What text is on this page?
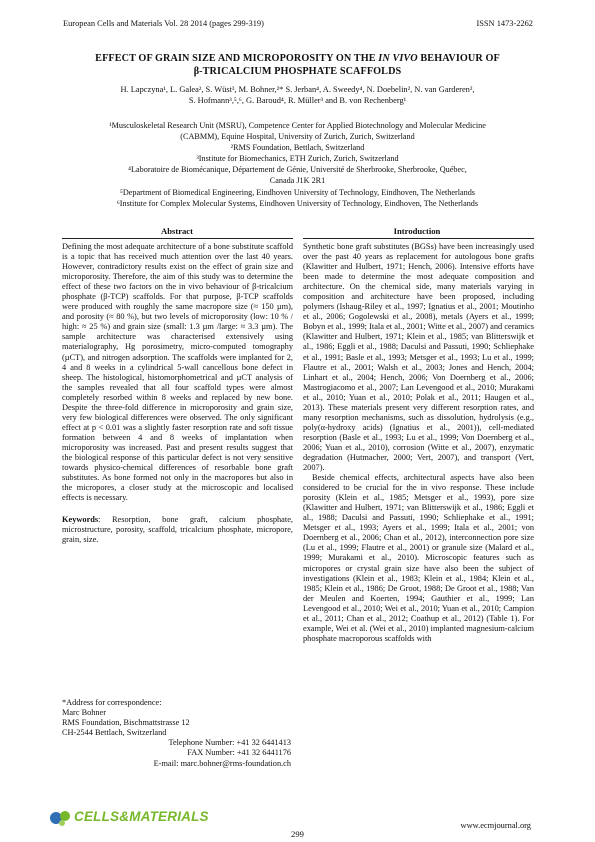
European Cells and Materials Vol. 28 2014 (pages 299-319)	ISSN 1473-2262
EFFECT OF GRAIN SIZE AND MICROPOROSITY ON THE IN VIVO BEHAVIOUR OF
β-TRICALCIUM PHOSPHATE SCAFFOLDS
H. Lapczyna¹, L. Galea², S. Wüst³, M. Bohner,²* S. Jerban⁴, A. Sweedy⁴, N. Doebelin², N. van Garderen²,
S. Hofmann³,⁵,⁶, G. Baroud⁴, R. Müller³ and B. von Rechenberg¹
¹Musculoskeletal Research Unit (MSRU), Competence Center for Applied Biotechnology and Molecular Medicine
(CABMM), Equine Hospital, University of Zurich, Zurich, Switzerland
²RMS Foundation, Bettlach, Switzerland
³Institute for Biomechanics, ETH Zurich, Zurich, Switzerland
⁴Laboratoire de Biomécanique, Département de Génie, Université de Sherbrooke, Sherbrooke, Québec,
Canada J1K 2R1
⁵Department of Biomedical Engineering, Eindhoven University of Technology, Eindhoven, The Netherlands
⁶Institute for Complex Molecular Systems, Eindhoven University of Technology, Eindhoven, The Netherlands
Abstract	Introduction

Defining the most adequate architecture of a bone substitute scaffold is a topic that has received much attention over the last 40 years. However, contradictory results exist on the effect of grain size and microporosity. Therefore, the aim of this study was to determine the effect of these two factors on the in vivo behaviour of β-tricalcium phosphate (β-TCP) scaffolds. For that purpose, β-TCP scaffolds were produced with roughly the same macropore size (≈ 150 µm), and porosity (≈ 80 %), but two levels of microporosity (low: 10 % / high: ≈ 25 %) and grain size (small: 1.3 µm /large: ≈ 3.3 µm). The sample architecture was characterised extensively using materialography, Hg porosimetry, micro-computed tomography (µCT), and nitrogen adsorption. The scaffolds were implanted for 2, 4 and 8 weeks in a cylindrical 5-wall cancellous bone defect in sheep. The histological, histomorphometrical and µCT analysis of the samples revealed that all four scaffold types were almost completely resorbed within 8 weeks and replaced by new bone. Despite the three-fold difference in microporosity and grain size, very few biological differences were observed. The only significant effect at p < 0.01 was a slightly faster resorption rate and soft tissue formation between 4 and 8 weeks of implantation when microporosity was increased. Past and present results suggest that the biological response of this particular defect is not very sensitive towards physico-chemical differences of resorbable bone graft substitutes. As bone formed not only in the macropores but also in the micropores, a closer study at the microscopic and localised effects is necessary.

Keywords: Resorption, bone graft, calcium phosphate, microstructure, porosity, scaffold, tricalcium phosphate, micropore, grain, size.

*Address for correspondence:
Marc Bohner
RMS Foundation, Bischmattstrasse 12
CH-2544 Bettlach, Switzerland
Telephone Number: +41 32 6441413
FAX Number: +41 32 6441176
E-mail: marc.bohner@rms-foundation.ch

Synthetic bone graft substitutes (BGSs) have been increasingly used over the past 40 years as replacement for autologous bone grafts (Klawitter and Hulbert, 1971; Hench, 2006). Intensive efforts have been made to determine the most adequate composition and architecture. On the chemical side, many materials varying in composition and architecture have been proposed, including polymers (Ishaug-Riley et al., 1997; Ignatius et al., 2001; Moutinho et al., 2006; Gogolewski et al., 2008), metals (Ayers et al., 1999; Bobyn et al., 1999; Itala et al., 2001; Witte et al., 2007) and ceramics (Klawitter and Hulbert, 1971; Klein et al., 1985; van Blitterswijk et al., 1986; Eggli et al., 1988; Daculsi and Passuti, 1990; Schliephake et al., 1991; Basle et al., 1993; Metsger et al., 1993; Lu et al., 1999; Flautre et al., 2001; Walsh et al., 2003; Jones and Hench, 2004; Linhart et al., 2004; Hench, 2006; Von Doernberg et al., 2006; Mastrogiacomo et al., 2007; Lan Levengood et al., 2010; Murakami et al., 2010; Yuan et al., 2010; Polak et al., 2011; Haugen et al., 2013). These materials present very different resorption rates, and many resorption mechanisms, such as dissolution, hydrolysis (e.g., poly(α-hydroxy acids) (Ignatius et al., 2001)), cell-mediated resorption (Basle et al., 1993; Lu et al., 1999; Von Doernberg et al., 2006; Yuan et al., 2010), corrosion (Witte et al., 2007), enzymatic degradation (Hutmacher, 2000; Vert, 2007), and transport (Vert, 2007).

Beside chemical effects, architectural aspects have also been considered to be crucial for the in vivo response. These include porosity (Klein et al., 1985; Metsger et al., 1993), pore size (Klawitter and Hulbert, 1971; van Blitterswijk et al., 1986; Eggli et al., 1988; Daculsi and Passuti, 1990; Schliephake et al., 1991; Metsger et al., 1993; Ayers et al., 1999; Itala et al., 2001; von Doernberg et al., 2006; Chan et al., 2012), interconnection pore size (Lu et al., 1999; Flautre et al., 2001) or granule size (Malard et al., 1999; Murakami et al., 2010). Microscopic features such as micropores or crystal grain size have also been the subject of investigations (Klein et al., 1983; Klein et al., 1984; Klein et al., 1985; Klein et al., 1986; De Groot, 1988; De Groot et al., 1988; Van der Meulen and Koerten, 1994; Gauthier et al., 1999; Lan Levengood et al., 2010; Wei et al., 2010; Yuan et al., 2010; Campion et al., 2011; Chan et al., 2012; Coathup et al., 2012) (Table 1). For example, Wei et al. (Wei et al., 2010) implanted magnesium-calcium phosphate macroporous scaffolds with

CELLS&MATERIALS
299
www.ecmjournal.org
